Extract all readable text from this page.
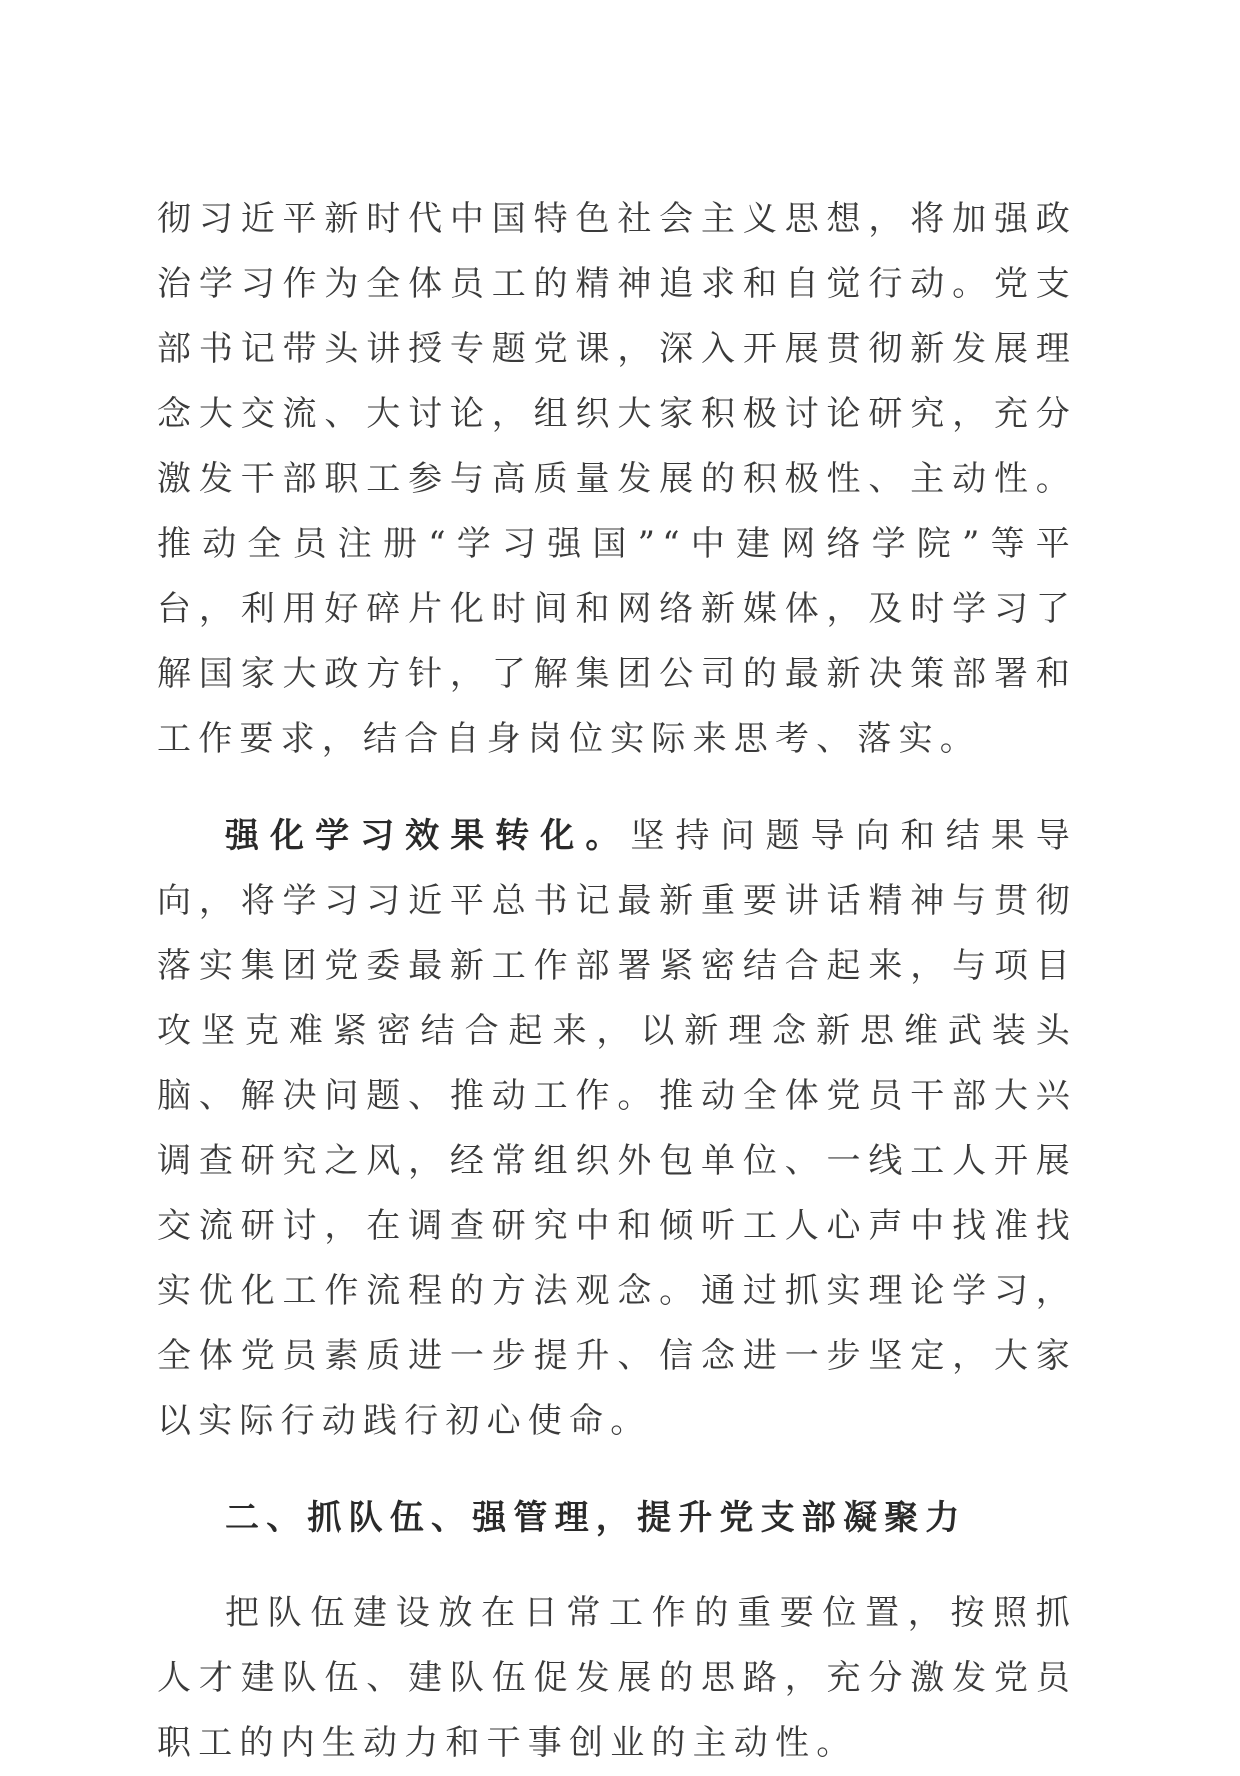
彻习近平新时代中国特色社会主义思想，将加强政治学习作为全体员工的精神追求和自觉行动。党支部书记带头讲授专题党课，深入开展贯彻新发展理念大交流、大讨论，组织大家积极讨论研究，充分激发干部职工参与高质量发展的积极性、主动性。推动全员注册“学习强国”“中建网络学院”等平台，利用好碎片化时间和网络新媒体，及时学习了解国家大政方针，了解集团公司的最新决策部署和工作要求，结合自身岗位实际来思考、落实。

强化学习效果转化。坚持问题导向和结果导向，将学习习近平总书记最新重要讲话精神与贯彻落实集团党委最新工作部署紧密结合起来，与项目攻坚克难紧密结合起来，以新理念新思维武装头脑、解决问题、推动工作。推动全体党员干部大兴调查研究之风，经常组织外包单位、一线工人开展交流研讨，在调查研究中和倾听工人心声中找准找实优化工作流程的方法观念。通过抓实理论学习，全体党员素质进一步提升、信念进一步坚定，大家以实际行动践行初心使命。

二、抓队伍、强管理，提升党支部凝聚力

把队伍建设放在日常工作的重要位置，按照抓人才建队伍、建队伍促发展的思路，充分激发党员职工的内生动力和干事创业的主动性。
